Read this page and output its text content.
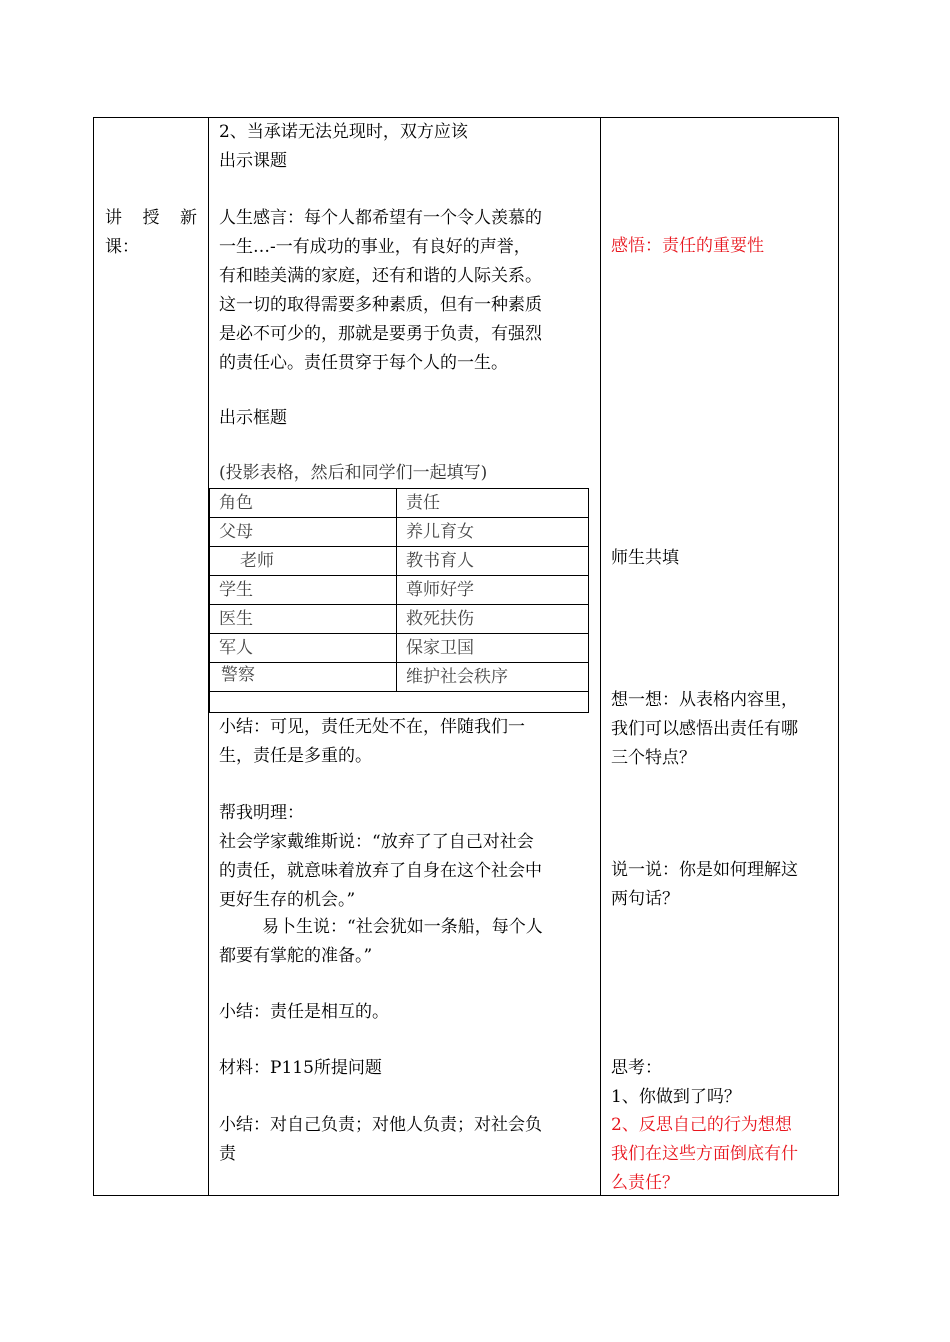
讲 授 新
课：
2、当承诺无法兑现时，双方应该
出示课题
人生感言：每个人都希望有一个令人羡慕的
一生…-一有成功的事业，有良好的声誉，
有和睦美满的家庭，还有和谐的人际关系。
这一切的取得需要多种素质，但有一种素质
是必不可少的，那就是要勇于负责，有强烈
的责任心。责任贯穿于每个人的一生。
出示框题
(投影表格，然后和同学们一起填写)
角色	责任
父母	养儿育女
老师	教书育人
学生	尊师好学
医生	救死扶伤
军人	保家卫国
警察	维护社会秩序
小结：可见，责任无处不在，伴随我们一
生，责任是多重的。
帮我明理：
社会学家戴维斯说：“放弃了了自己对社会
的责任，就意味着放弃了自身在这个社会中
更好生存的机会。”
易卜生说：“社会犹如一条船，每个人
都要有掌舵的准备。”
小结：责任是相互的。
材料：P115所提问题
小结：对自己负责；对他人负责；对社会负
责
感悟：责任的重要性
师生共填
想一想：从表格内容里，
我们可以感悟出责任有哪
三个特点？
说一说：你是如何理解这
两句话？
思考：
1、你做到了吗？
2、反思自己的行为想想
我们在这些方面倒底有什
么责任？
